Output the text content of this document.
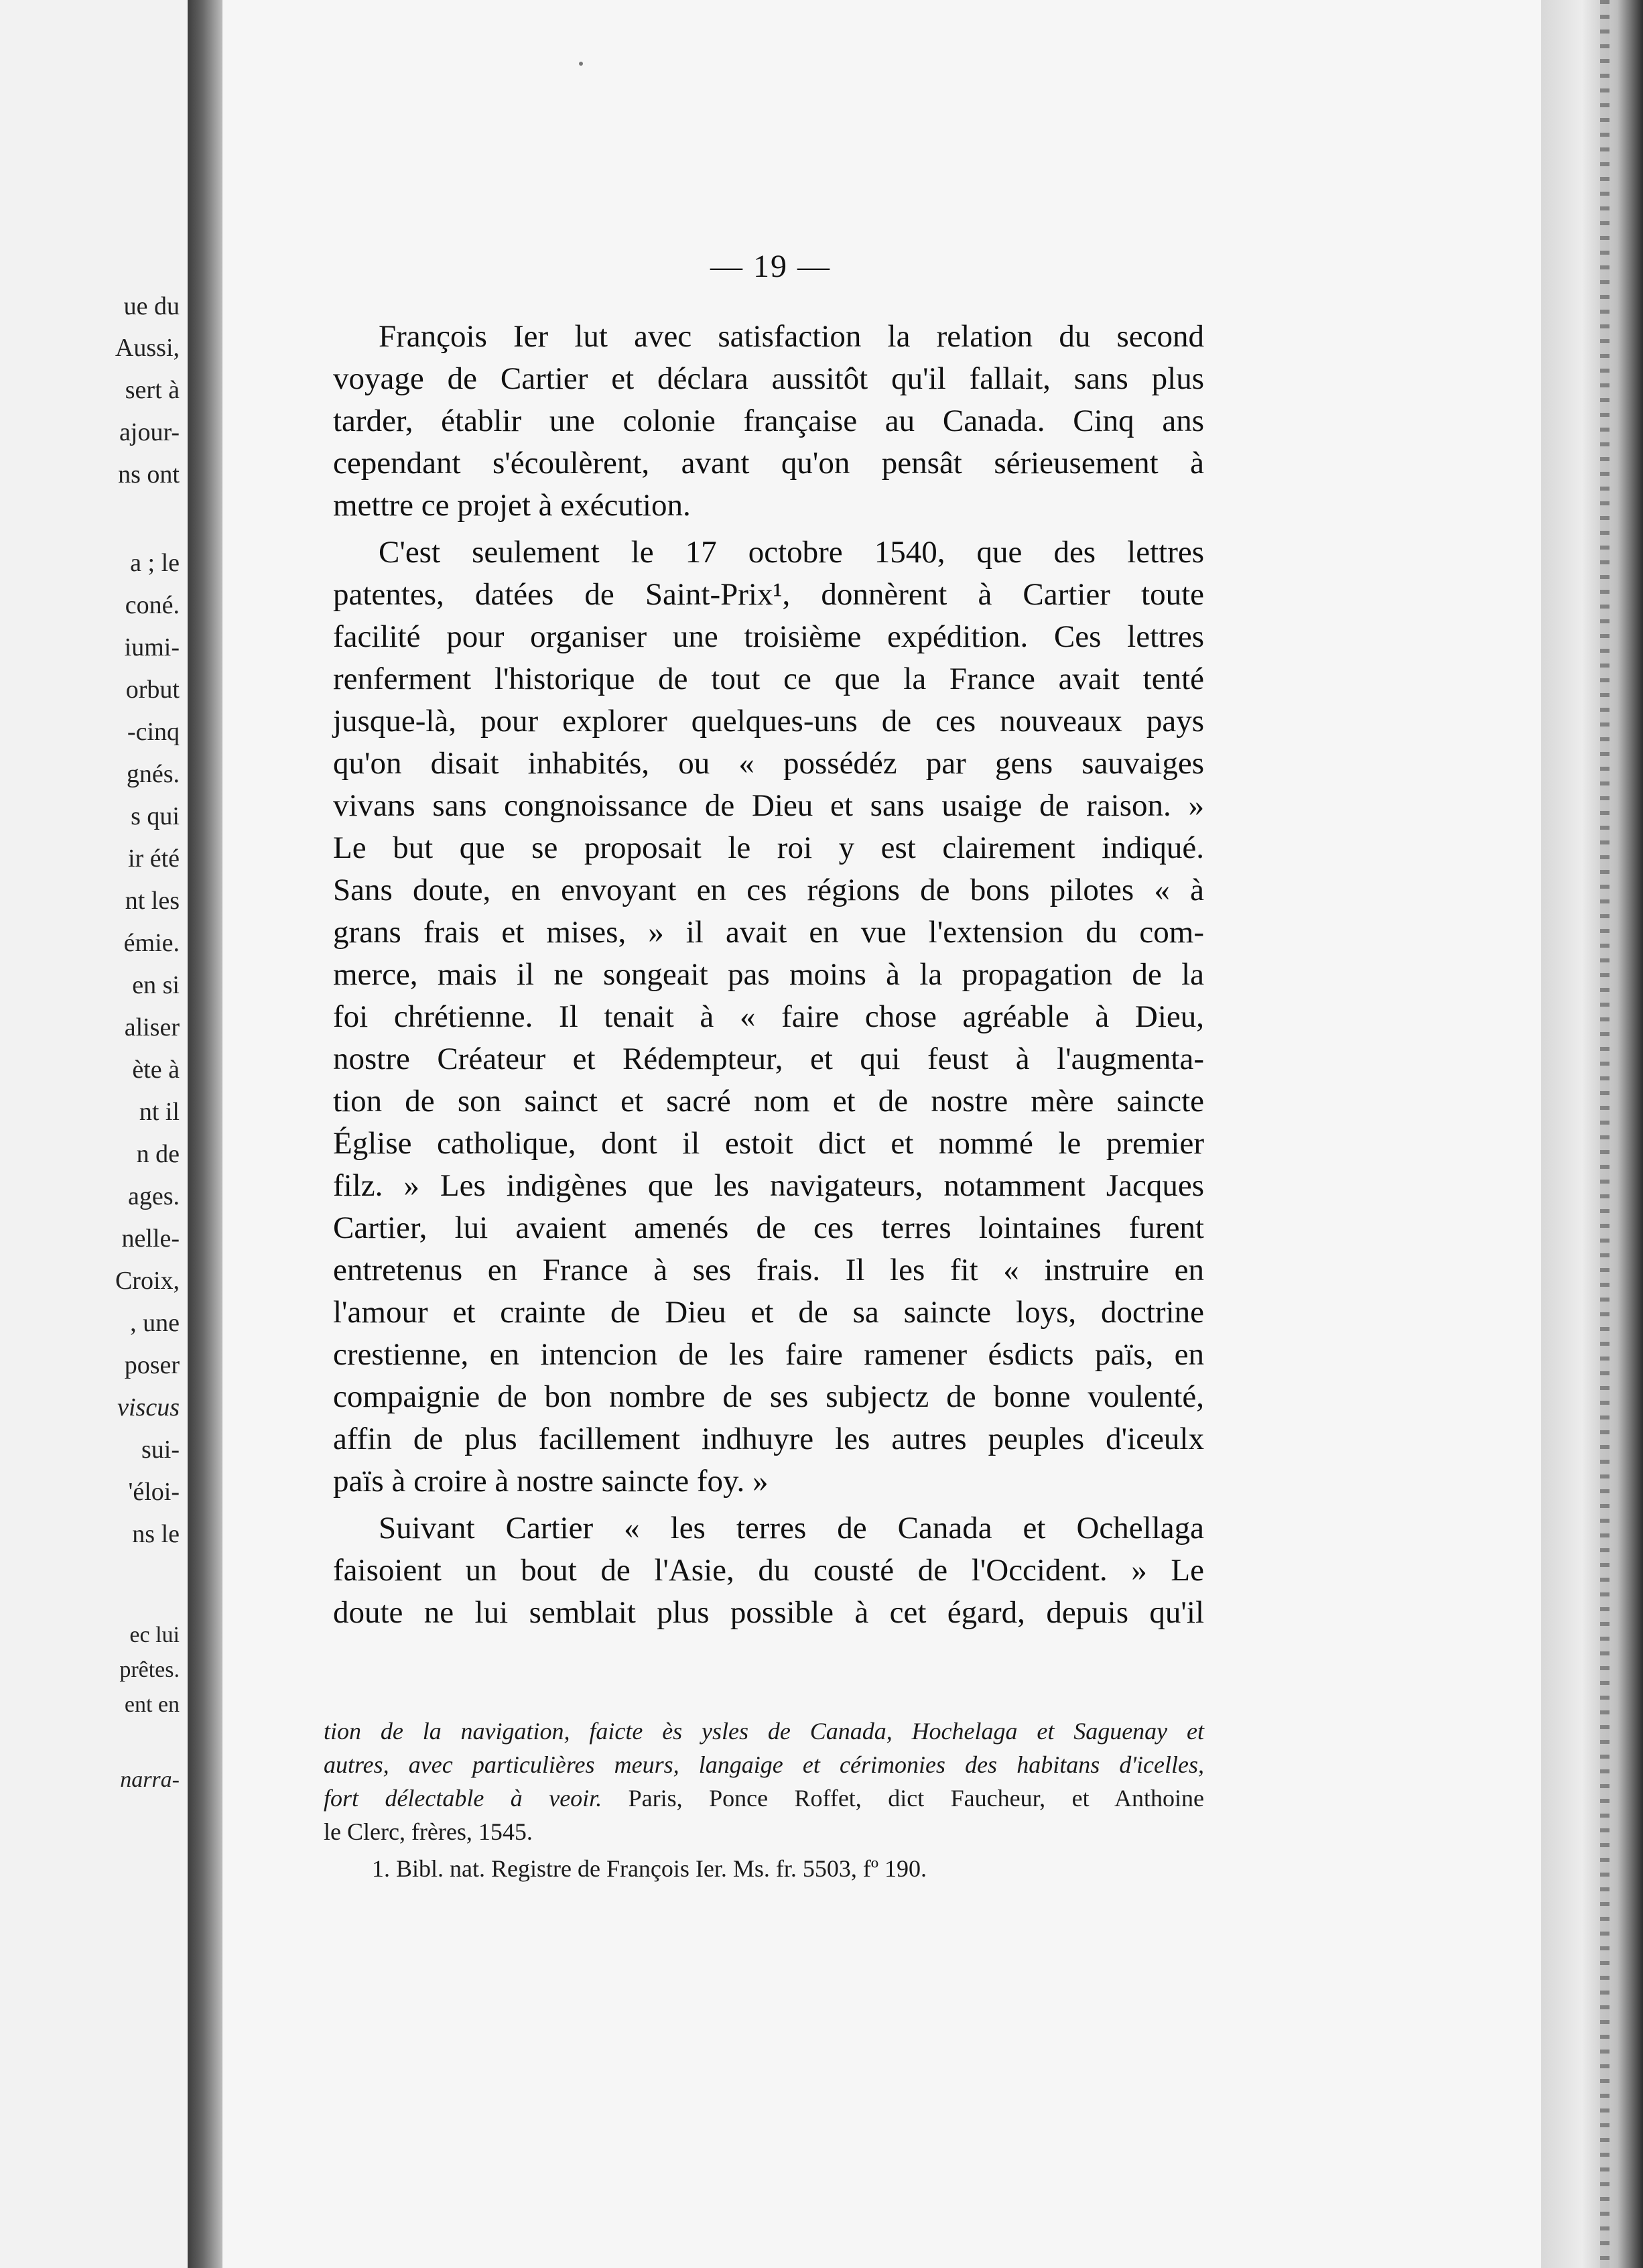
ue du
Aussi,
sert à
ajour-
ns ont
a ; le
coné.
iumi-
orbut
-cinq
gnés.
s qui
ir été
nt les
émie.
en si
aliser
ète à
nt il
n de
ages.
nelle-
Croix,
, une
poser
viscus
sui-
'éloi-
ns le
ec lui
prêtes.
ent en
narra-
— 19 —
François Ier lut avec satisfaction la relation du second
voyage de Cartier et déclara aussitôt qu'il fallait, sans plus
tarder, établir une colonie française au Canada. Cinq ans
cependant s'écoulèrent, avant qu'on pensât sérieusement à
mettre ce projet à exécution.
C'est seulement le 17 octobre 1540, que des lettres
patentes, datées de Saint-Prix¹, donnèrent à Cartier toute
facilité pour organiser une troisième expédition. Ces lettres
renferment l'historique de tout ce que la France avait tenté
jusque-là, pour explorer quelques-uns de ces nouveaux pays
qu'on disait inhabités, ou « possédéz par gens sauvaiges
vivans sans congnoissance de Dieu et sans usaige de raison. »
Le but que se proposait le roi y est clairement indiqué.
Sans doute, en envoyant en ces régions de bons pilotes « à
grans frais et mises, » il avait en vue l'extension du com-
merce, mais il ne songeait pas moins à la propagation de la
foi chrétienne. Il tenait à « faire chose agréable à Dieu,
nostre Créateur et Rédempteur, et qui feust à l'augmenta-
tion de son sainct et sacré nom et de nostre mère saincte
Église catholique, dont il estoit dict et nommé le premier
filz. » Les indigènes que les navigateurs, notamment Jacques
Cartier, lui avaient amenés de ces terres lointaines furent
entretenus en France à ses frais. Il les fit « instruire en
l'amour et crainte de Dieu et de sa saincte loys, doctrine
crestienne, en intencion de les faire ramener ésdicts païs, en
compaignie de bon nombre de ses subjectz de bonne voulenté,
affin de plus facillement indhuyre les autres peuples d'iceulx
païs à croire à nostre saincte foy. »
Suivant Cartier « les terres de Canada et Ochellaga
faisoient un bout de l'Asie, du cousté de l'Occident. » Le
doute ne lui semblait plus possible à cet égard, depuis qu'il
tion de la navigation, faicte ès ysles de Canada, Hochelaga et Saguenay et
autres, avec particulières meurs, langaige et cérimonies des habitans d'icelles,
fort délectable à veoir. Paris, Ponce Roffet, dict Faucheur, et Anthoine
le Clerc, frères, 1545.
1. Bibl. nat. Registre de François Ier. Ms. fr. 5503, fº 190.
